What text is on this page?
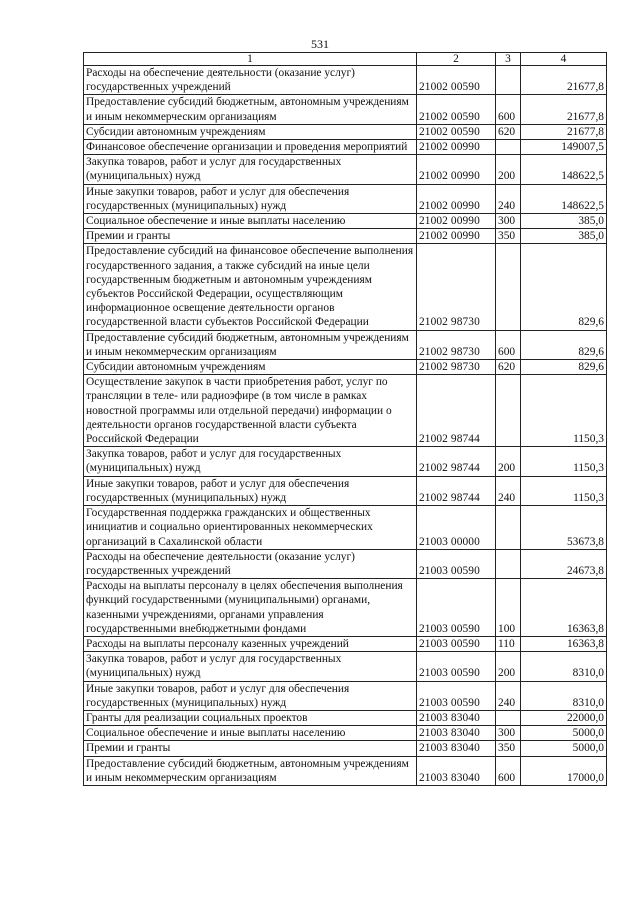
531
1	2	3	4
Расходы на обеспечение деятельности (оказание услуг) государственных учреждений	21002 00590		21677,8
Предоставление субсидий бюджетным, автономным учреждениям и иным некоммерческим организациям	21002 00590	600	21677,8
Субсидии автономным учреждениям	21002 00590	620	21677,8
Финансовое обеспечение организации и проведения мероприятий	21002 00990		149007,5
Закупка товаров, работ и услуг для государственных (муниципальных) нужд	21002 00990	200	148622,5
Иные закупки товаров, работ и услуг для обеспечения государственных (муниципальных) нужд	21002 00990	240	148622,5
Социальное обеспечение и иные выплаты населению	21002 00990	300	385,0
Премии и гранты	21002 00990	350	385,0
Предоставление субсидий на финансовое обеспечение выполнения государственного задания, а также субсидий на иные цели государственным бюджетным и автономным учреждениям субъектов Российской Федерации, осуществляющим информационное освещение деятельности органов государственной власти субъектов Российской Федерации	21002 98730		829,6
Предоставление субсидий бюджетным, автономным учреждениям и иным некоммерческим организациям	21002 98730	600	829,6
Субсидии автономным учреждениям	21002 98730	620	829,6
Осуществление закупок в части приобретения работ, услуг по трансляции в теле- или радиоэфире (в том числе в рамках новостной программы или отдельной передачи) информации о деятельности органов государственной власти субъекта Российской Федерации	21002 98744		1150,3
Закупка товаров, работ и услуг для государственных (муниципальных) нужд	21002 98744	200	1150,3
Иные закупки товаров, работ и услуг для обеспечения государственных (муниципальных) нужд	21002 98744	240	1150,3
Государственная поддержка гражданских и общественных инициатив и социально ориентированных некоммерческих организаций в Сахалинской области	21003 00000		53673,8
Расходы на обеспечение деятельности (оказание услуг) государственных учреждений	21003 00590		24673,8
Расходы на выплаты персоналу в целях обеспечения выполнения функций государственными (муниципальными) органами, казенными учреждениями, органами управления государственными внебюджетными фондами	21003 00590	100	16363,8
Расходы на выплаты персоналу казенных учреждений	21003 00590	110	16363,8
Закупка товаров, работ и услуг для государственных (муниципальных) нужд	21003 00590	200	8310,0
Иные закупки товаров, работ и услуг для обеспечения государственных (муниципальных) нужд	21003 00590	240	8310,0
Гранты для реализации социальных проектов	21003 83040		22000,0
Социальное обеспечение и иные выплаты населению	21003 83040	300	5000,0
Премии и гранты	21003 83040	350	5000,0
Предоставление субсидий бюджетным, автономным учреждениям и иным некоммерческим организациям	21003 83040	600	17000,0
